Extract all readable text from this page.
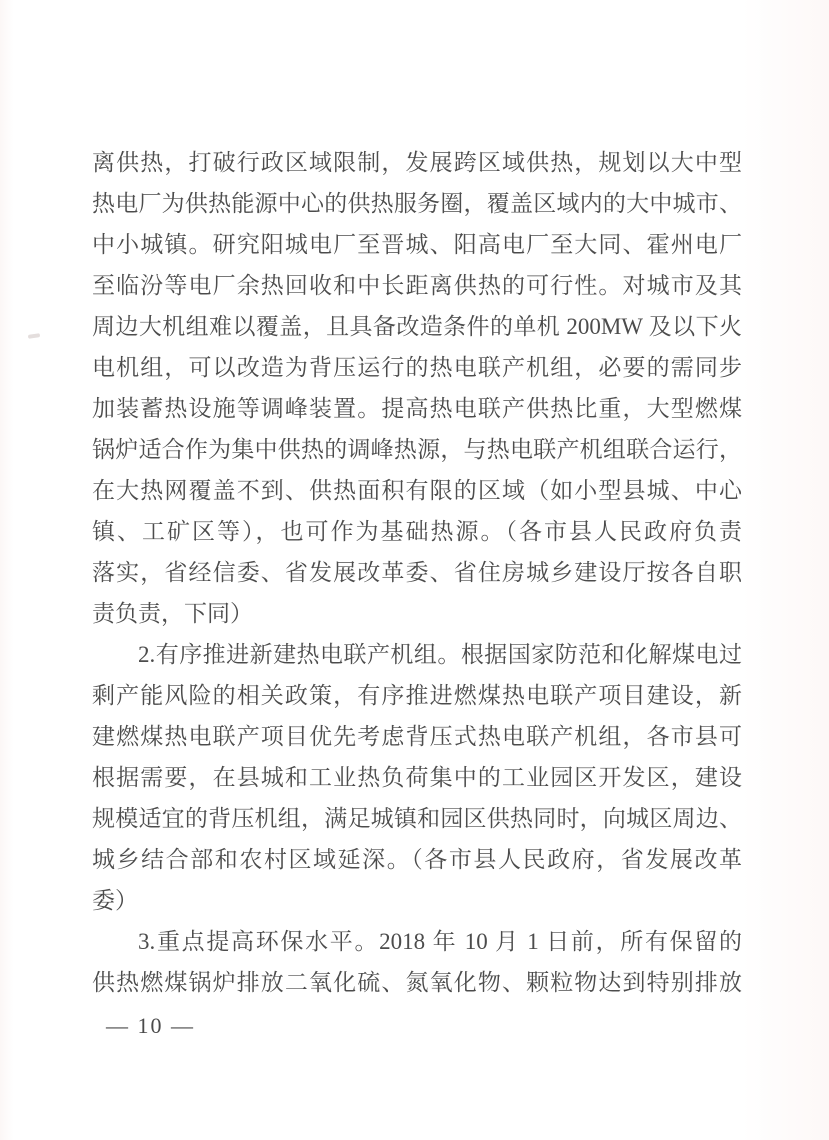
离供热，打破行政区域限制，发展跨区域供热，规划以大中型
热电厂为供热能源中心的供热服务圈，覆盖区域内的大中城市、
中小城镇。研究阳城电厂至晋城、阳高电厂至大同、霍州电厂
至临汾等电厂余热回收和中长距离供热的可行性。对城市及其
周边大机组难以覆盖，且具备改造条件的单机 200MW 及以下火
电机组，可以改造为背压运行的热电联产机组，必要的需同步
加装蓄热设施等调峰装置。提高热电联产供热比重，大型燃煤
锅炉适合作为集中供热的调峰热源，与热电联产机组联合运行，
在大热网覆盖不到、供热面积有限的区域（如小型县城、中心
镇、工矿区等），也可作为基础热源。（各市县人民政府负责
落实，省经信委、省发展改革委、省住房城乡建设厅按各自职
责负责，下同）
2.有序推进新建热电联产机组。根据国家防范和化解煤电过
剩产能风险的相关政策，有序推进燃煤热电联产项目建设，新
建燃煤热电联产项目优先考虑背压式热电联产机组，各市县可
根据需要，在县城和工业热负荷集中的工业园区开发区，建设
规模适宜的背压机组，满足城镇和园区供热同时，向城区周边、
城乡结合部和农村区域延深。（各市县人民政府，省发展改革
委）
3.重点提高环保水平。2018 年 10 月 1 日前，所有保留的
供热燃煤锅炉排放二氧化硫、氮氧化物、颗粒物达到特别排放
— 10 —
